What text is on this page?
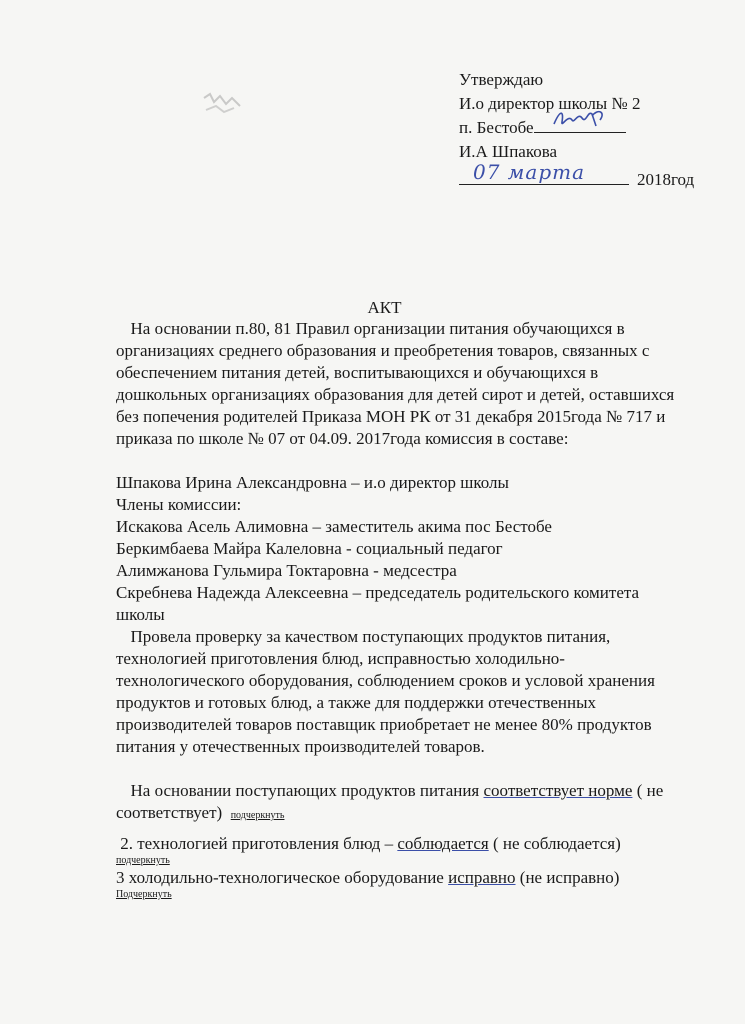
Утверждаю
И.о директор школы № 2
п. Бестобе
И.А Шпакова
07 марта	2018год
АКТ

На основании п.80, 81 Правил организации питания обучающихся в организациях среднего образования и преобретения товаров, связанных с обеспечением питания детей, воспитывающихся и обучающихся в дошкольных организациях образования для детей сирот и детей, оставшихся без попечения родителей Приказа МОН РК от 31 декабря 2015года № 717 и приказа по школе № 07 от 04.09. 2017года комиссия в составе:

Шпакова Ирина Александровна – и.о директор школы

Члены комиссии:

Искакова Асель Алимовна – заместитель акима пос Бестобе

Беркимбаева Майра Калеловна - социальный педагог

Алимжанова Гульмира Токтаровна - медсестра

Скребнева Надежда Алексеевна – председатель родительского комитета школы

Провела проверку за качеством поступающих продуктов питания, технологией приготовления блюд, исправностью холодильно-технологического оборудования, соблюдением сроков и условой хранения продуктов и готовых блюд, а также для поддержки отечественных производителей товаров поставщик приобретает не менее 80% продуктов питания у отечественных производителей товаров.

На основании поступающих продуктов питания соответствует норме ( не соответствует) подчеркнуть

2. технологией приготовления блюд – соблюдается ( не соблюдается)

подчеркнуть

3 холодильно-технологическое оборудование исправно (не исправно)

Подчеркнуть
